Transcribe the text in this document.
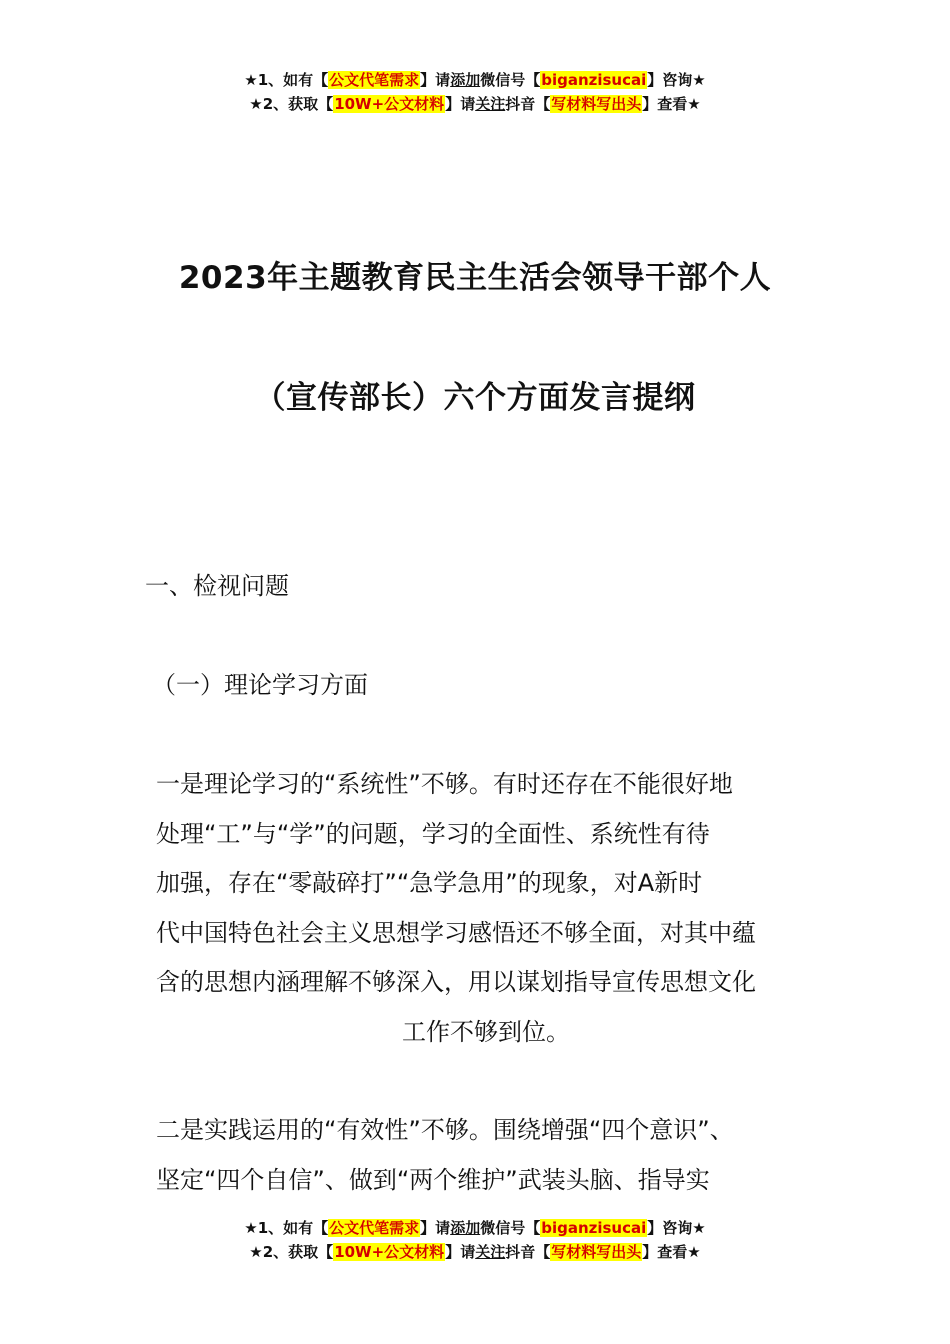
★1、如有【公文代笔需求】请添加微信号【biganzisucai】咨询★
★2、获取【10W+公文材料】请关注抖音【写材料写出头】查看★
2023年主题教育民主生活会领导干部个人
（宣传部长）六个方面发言提纲
一、检视问题
（一）理论学习方面
一是理论学习的“系统性”不够。有时还存在不能很好地
处理“工”与“学”的问题，学习的全面性、系统性有待
加强，存在“零敲碎打”“急学急用”的现象，对A新时
代中国特色社会主义思想学习感悟还不够全面，对其中蕴
含的思想内涵理解不够深入，用以谋划指导宣传思想文化
工作不够到位。
二是实践运用的“有效性”不够。围绕增强“四个意识”、
坚定“四个自信”、做到“两个维护”武装头脑、指导实
★1、如有【公文代笔需求】请添加微信号【biganzisucai】咨询★
★2、获取【10W+公文材料】请关注抖音【写材料写出头】查看★
